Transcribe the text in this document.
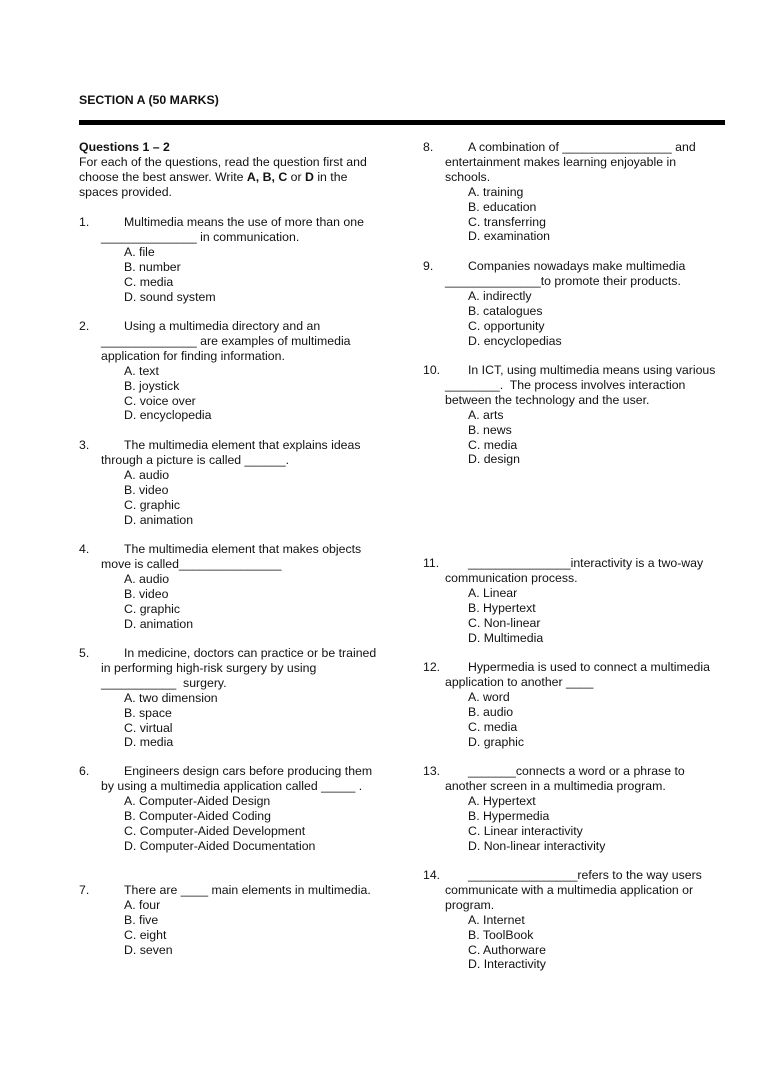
SECTION A (50 MARKS)
Questions 1 – 2
For each of the questions, read the question first and choose the best answer. Write A, B, C or D in the spaces provided.
1.	Multimedia means the use of more than one ______________ in communication.
A. file
B. number
C. media
D. sound system
2.	Using a multimedia directory and an ______________ are examples of multimedia application for finding information.
A. text
B. joystick
C. voice over
D. encyclopedia
3.	The multimedia element that explains ideas through a picture is called ______.
A. audio
B. video
C. graphic
D. animation
4.	The multimedia element that makes objects move is called_______________
A. audio
B. video
C. graphic
D. animation
5.	In medicine, doctors can practice or be trained in performing high-risk surgery by using ___________  surgery.
A. two dimension
B. space
C. virtual
D. media
6.	Engineers design cars before producing them by using a multimedia application called _____ .
A. Computer-Aided Design
B. Computer-Aided Coding
C. Computer-Aided Development
D. Computer-Aided Documentation
7.	There are ____ main elements in multimedia.
A. four
B. five
C. eight
D. seven
8.	A combination of ________________ and entertainment makes learning enjoyable in schools.
A. training
B. education
C. transferring
D. examination
9.	Companies nowadays make multimedia ______________to promote their products.
A. indirectly
B. catalogues
C. opportunity
D. encyclopedias
10.	In ICT, using multimedia means using various ________.  The process involves interaction between the technology and the user.
A. arts
B. news
C. media
D. design
11.	_______________interactivity is a two-way communication process.
A. Linear
B. Hypertext
C. Non-linear
D. Multimedia
12.	Hypermedia is used to connect a multimedia application to another ____
A. word
B. audio
C. media
D. graphic
13.	_______connects a word or a phrase to another screen in a multimedia program.
A. Hypertext
B. Hypermedia
C. Linear interactivity
D. Non-linear interactivity
14.	________________refers to the way users communicate with a multimedia application or program.
A. Internet
B. ToolBook
C. Authorware
D. Interactivity
